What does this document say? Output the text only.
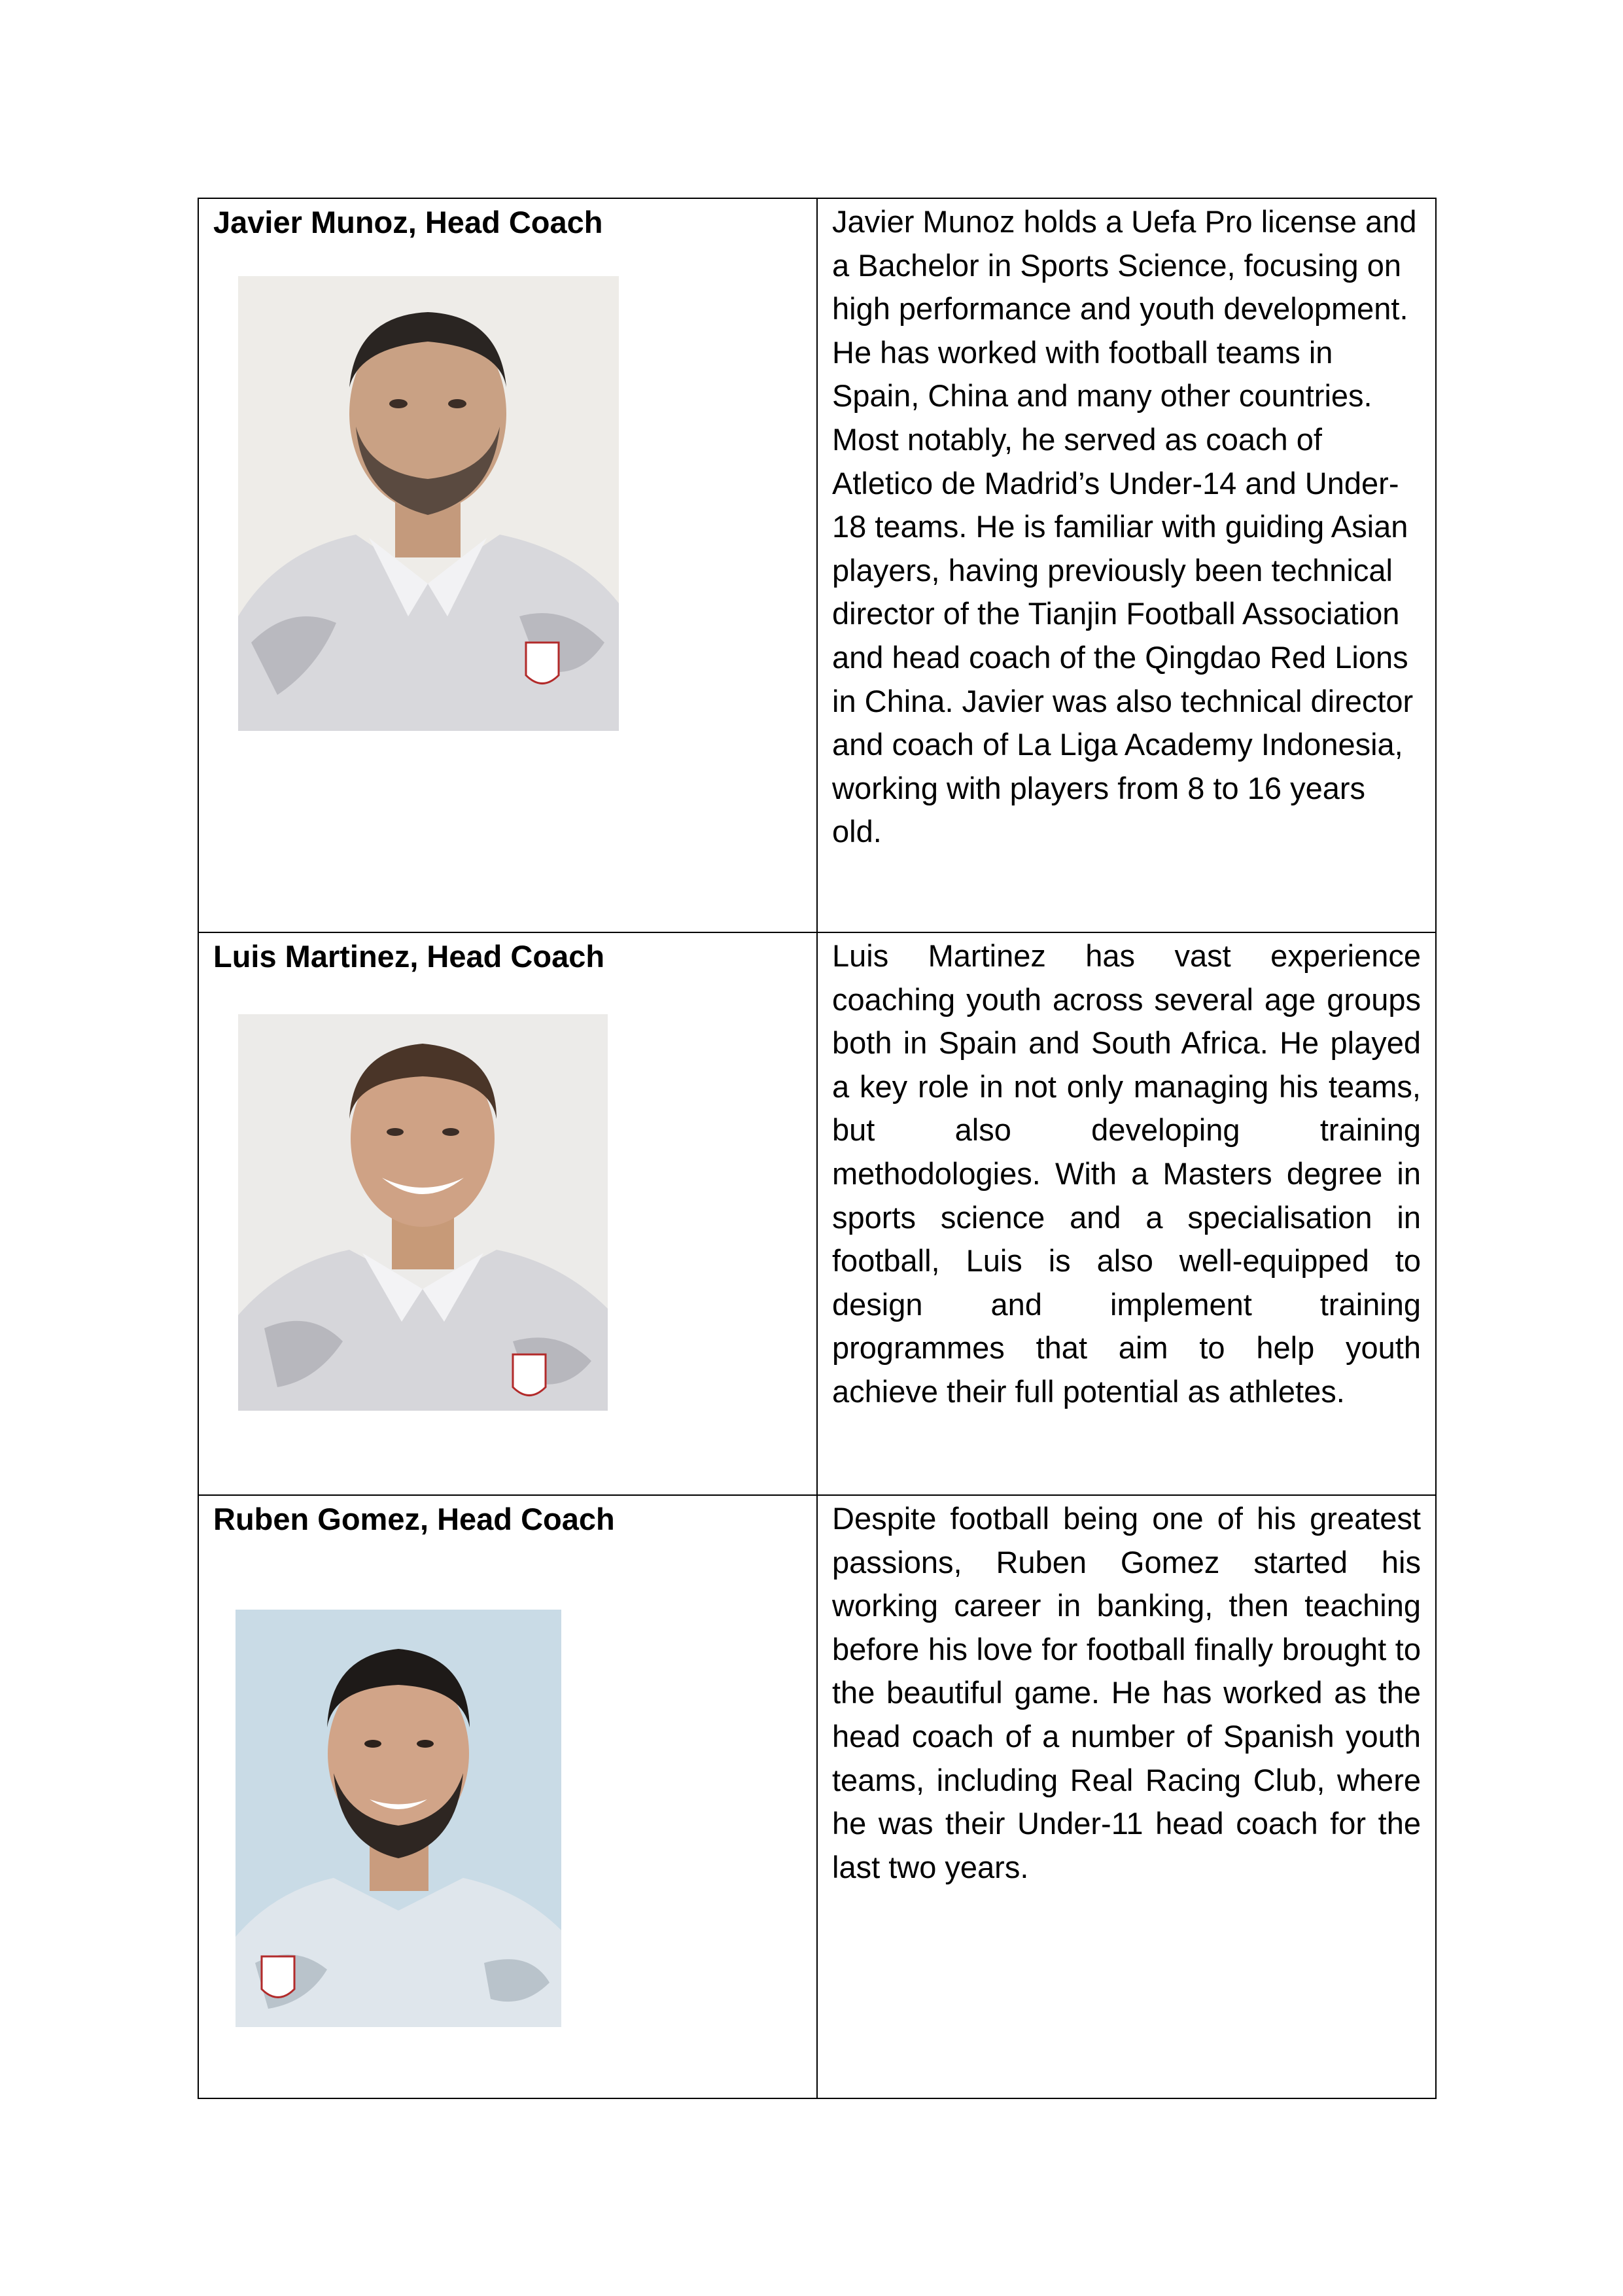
Javier Munoz, Head Coach	Javier Munoz holds a Uefa Pro license and a Bachelor in Sports Science, focusing on high performance and youth development. He has worked with football teams in Spain, China and many other countries. Most notably, he served as coach of Atletico de Madrid’s Under-14 and Under-18 teams. He is familiar with guiding Asian players, having previously been technical director of the Tianjin Football Association and head coach of the Qingdao Red Lions in China. Javier was also technical director and coach of La Liga Academy Indonesia, working with players from 8 to 16 years old.

Luis Martinez, Head Coach	Luis Martinez has vast experience coaching youth across several age groups both in Spain and South Africa. He played a key role in not only managing his teams, but also developing training methodologies. With a Masters degree in sports science and a specialisation in football, Luis is also well-equipped to design and implement training programmes that aim to help youth achieve their full potential as athletes.

Ruben Gomez, Head Coach	Despite football being one of his greatest passions, Ruben Gomez started his working career in banking, then teaching before his love for football finally brought to the beautiful game. He has worked as the head coach of a number of Spanish youth teams, including Real Racing Club, where he was their Under-11 head coach for the last two years.
